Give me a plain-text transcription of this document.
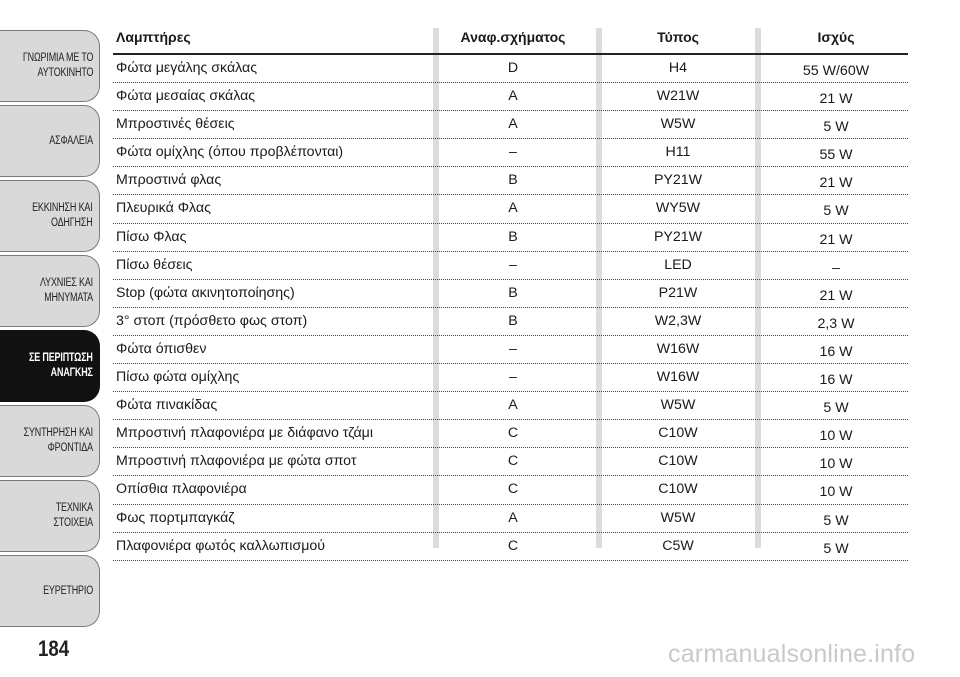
ΓΝΩΡΙΜΙΑ ΜΕ ΤΟ
ΑΥΤΟΚΙΝΗΤΟ
ΑΣΦΑΛΕΙΑ
ΕΚΚΙΝΗΣΗ ΚΑΙ
ΟΔΗΓΗΣΗ
ΛΥΧΝΙΕΣ ΚΑΙ
ΜΗΝΥΜΑΤΑ
ΣΕ ΠΕΡΙΠΤΩΣΗ
ΑΝΑΓΚΗΣ
ΣΥΝΤΗΡΗΣΗ ΚΑΙ
ΦΡΟΝΤΙΔΑ
ΤΕΧΝΙΚΑ ΣΤΟΙΧΕΙΑ
ΕΥΡΕΤΗΡΙΟ
184
Λαμπτήρες	Αναφ.σχήματος	Τύπος	Ισχύς
Φώτα μεγάλης σκάλας	D	H4	55 W/60W
Φώτα μεσαίας σκάλας	A	W21W	21 W
Μπροστινές θέσεις	A	W5W	5 W
Φώτα ομίχλης (όπου προβλέπονται)	–	H11	55 W
Μπροστινά φλας	B	PY21W	21 W
Πλευρικά Φλας	A	WY5W	5 W
Πίσω Φλας	B	PY21W	21 W
Πίσω θέσεις	–	LED	–
Stop (φώτα ακινητοποίησης)	B	P21W	21 W
3° στοπ (πρόσθετο φως στοπ)	B	W2,3W	2,3 W
Φώτα όπισθεν	–	W16W	16 W
Πίσω φώτα ομίχλης	–	W16W	16 W
Φώτα πινακίδας	A	W5W	5 W
Μπροστινή πλαφονιέρα με διάφανο τζάμι	C	C10W	10 W
Μπροστινή πλαφονιέρα με φώτα σποτ	C	C10W	10 W
Οπίσθια πλαφονιέρα	C	C10W	10 W
Φως πορτμπαγκάζ	A	W5W	5 W
Πλαφονιέρα φωτός καλλωπισμού	C	C5W	5 W
carmanualsonline.info
